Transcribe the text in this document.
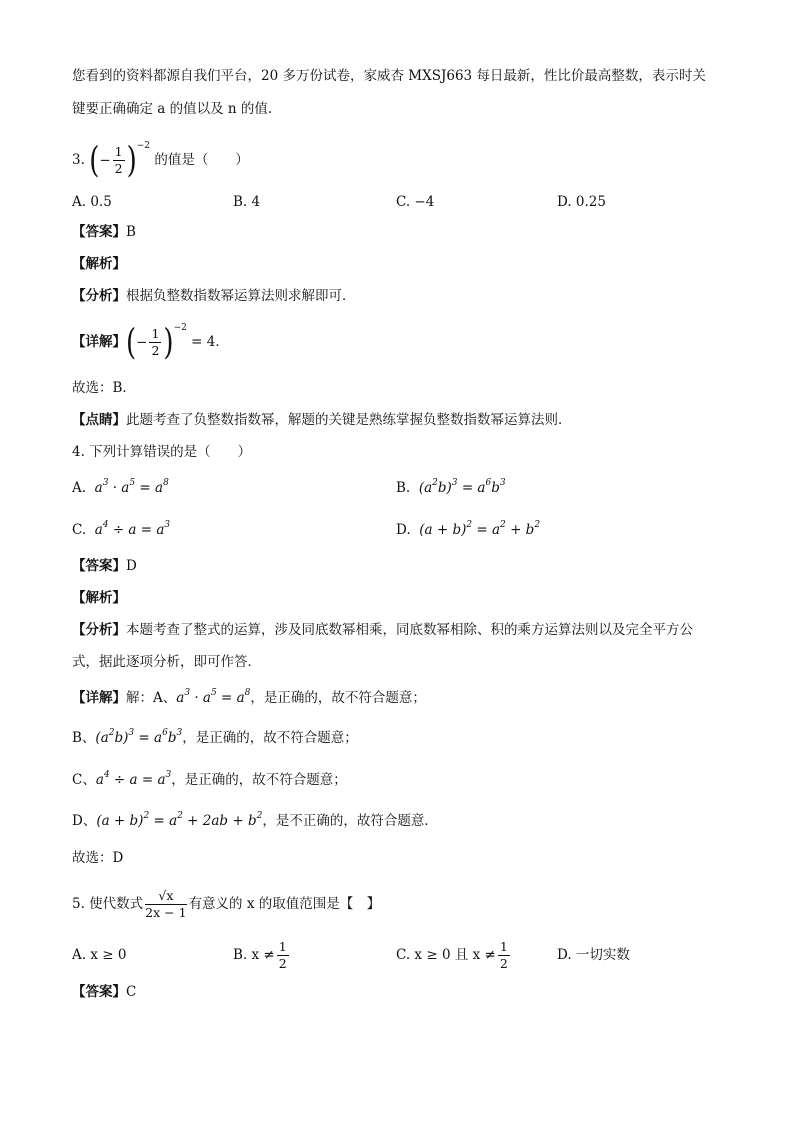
您看到的资料都源自我们平台，20 多万份试卷，家威杏 MXSJ663 每日最新，性比价最高整数，表示时关
键要正确确定 a 的值以及 n 的值.
3. (− $\frac{1}{2} )^{-2}$ 的值是（　　）
A. 0.5	B. 4	C. −4	D. 0.25
【答案】B
【解析】
【分析】根据负整数指数幂运算法则求解即可．
【详解】(− $\frac{1}{2} )^{-2} = 4$．
故选：B．
【点睛】此题考查了负整数指数幂，解题的关键是熟练掌握负整数指数幂运算法则．
4. 下列计算错误的是（　　）
A. $a^3 \cdot a^5 = a^8$	B. $(a^2b)^3 = a^6b^3$
C. $a^4 \div a = a^3$	D. $(a + b)^2 = a^2 + b^2$
【答案】D
【解析】
【分析】本题考查了整式的运算，涉及同底数幂相乘，同底数幂相除、积的乘方运算法则以及完全平方公
式，据此逐项分析，即可作答．
【详解】解：A、$a^3 \cdot a^5 = a^8$，是正确的，故不符合题意；
B、$(a^2b)^3 = a^6b^3$，是正确的，故不符合题意；
C、$a^4 \div a = a^3$，是正确的，故不符合题意；
D、$(a + b)^2 = a^2 + 2ab + b^2$，是不正确的，故符合题意．
故选：D
5. 使代数式 $\frac{√x}{2x - 1}$ 有意义的 x 的取值范围是【　】
A. x ≥ 0	B. $x \ne \frac{1}{2}$	C. x ≥ 0 且 $x \ne \frac{1}{2}$	D. 一切实数
【答案】C
